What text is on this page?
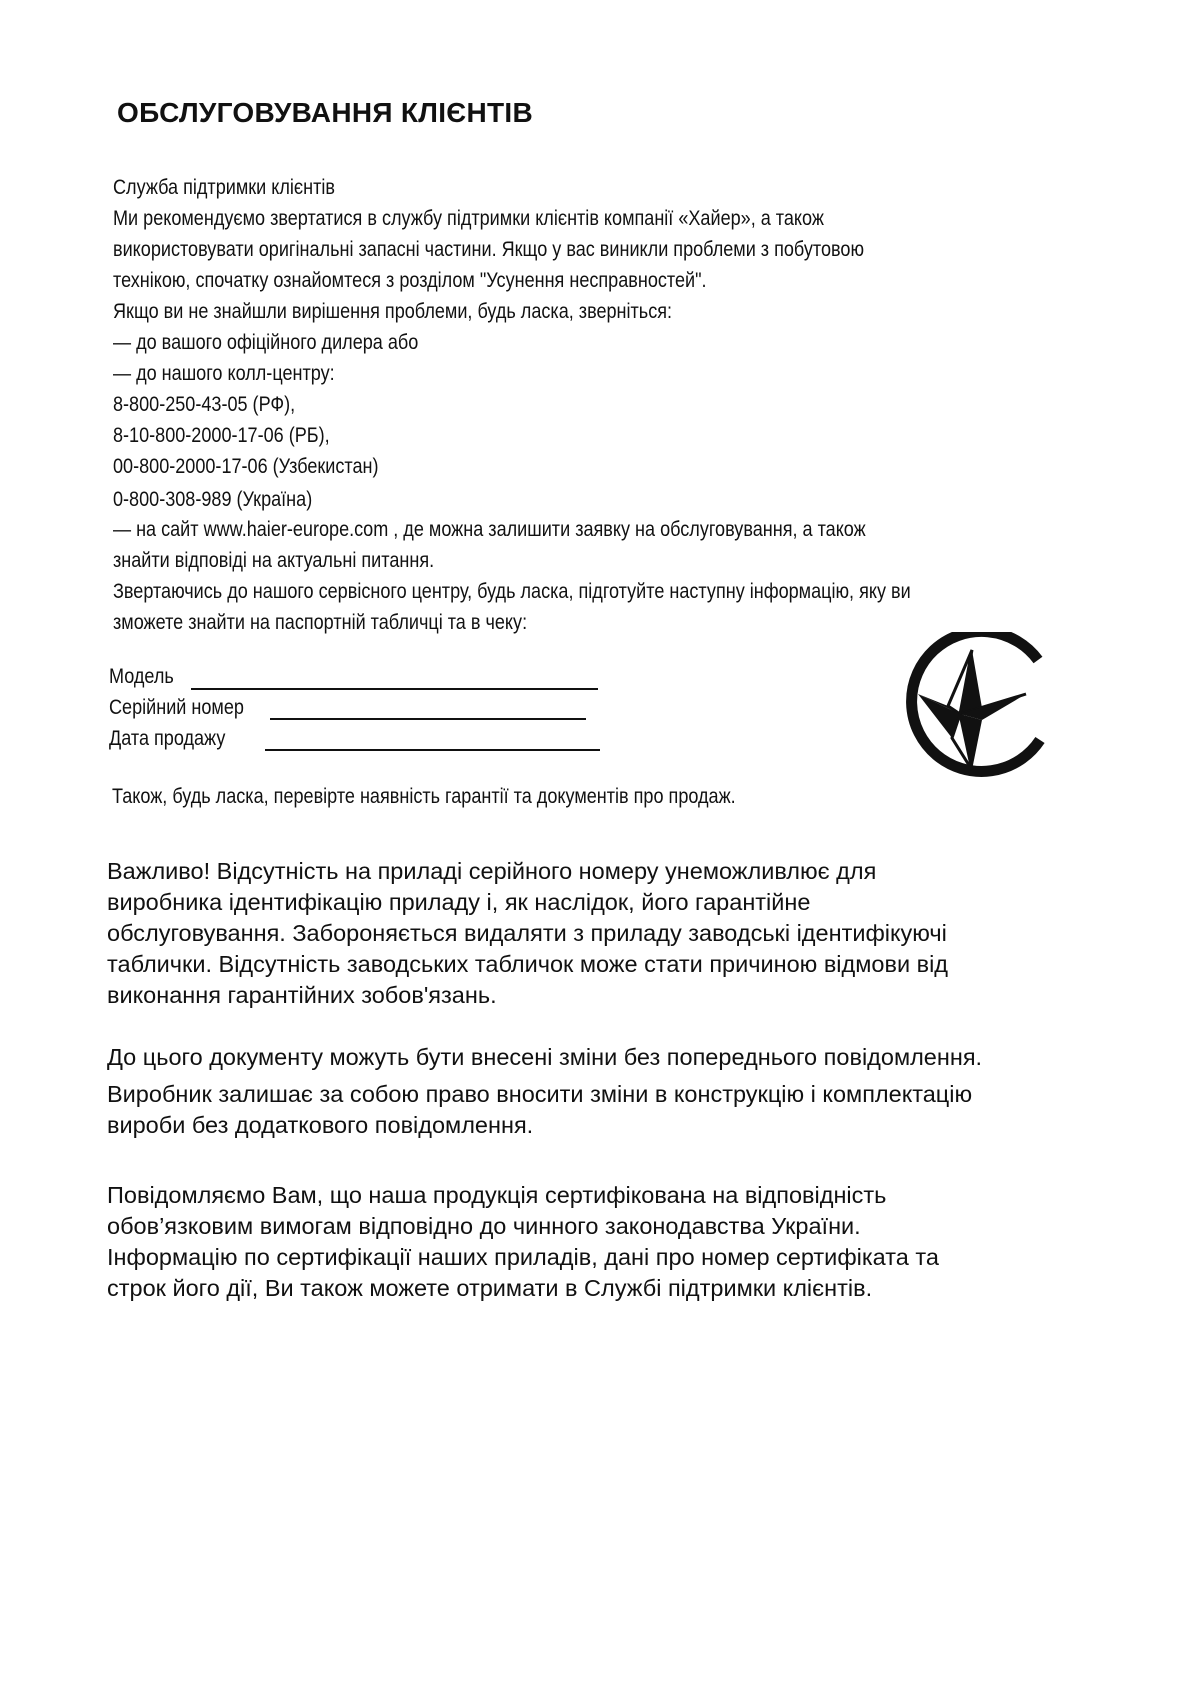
ОБСЛУГОВУВАННЯ КЛІЄНТІВ
Служба підтримки клієнтів
Ми рекомендуємо звертатися в службу підтримки клієнтів компанії «Хайер», а також
використовувати оригінальні запасні частини. Якщо у вас виникли проблеми з побутовою
технікою, спочатку ознайомтеся з розділом "Усунення несправностей".
Якщо ви не знайшли вирішення проблеми, будь ласка, зверніться:
— до вашого офіційного дилера або
— до нашого колл-центру:
8-800-250-43-05 (РФ),
8-10-800-2000-17-06 (РБ),
00-800-2000-17-06 (Узбекистан)
0-800-308-989 (Україна)
— на сайт www.haier-europe.com , де можна залишити заявку на обслуговування, а також
знайти відповіді на актуальні питання.
Звертаючись до нашого сервісного центру, будь ласка, підготуйте наступну інформацію, яку ви
зможете знайти на паспортній табличці та в чеку:
Модель
Серійний номер
Дата продажу
Також, будь ласка, перевірте наявність гарантії та документів про продаж.
Важливо! Відсутність на приладі серійного номеру унеможливлює для
виробника ідентифікацію приладу і, як наслідок, його гарантійне
обслуговування. Забороняється видаляти з приладу заводські ідентифікуючі
таблички. Відсутність заводських табличок може стати причиною відмови від
виконання гарантійних зобов'язань.
До цього документу можуть бути внесені зміни без попереднього повідомлення.
Виробник залишає за собою право вносити зміни в конструкцію і комплектацію
вироби без додаткового повідомлення.
Повідомляємо Вам, що наша продукція сертифікована на відповідність
обов’язковим вимогам відповідно до чинного законодавства України.
Інформацію по сертифікації наших приладів, дані про номер сертифіката та
строк його дії, Ви також можете отримати в Службі підтримки клієнтів.
